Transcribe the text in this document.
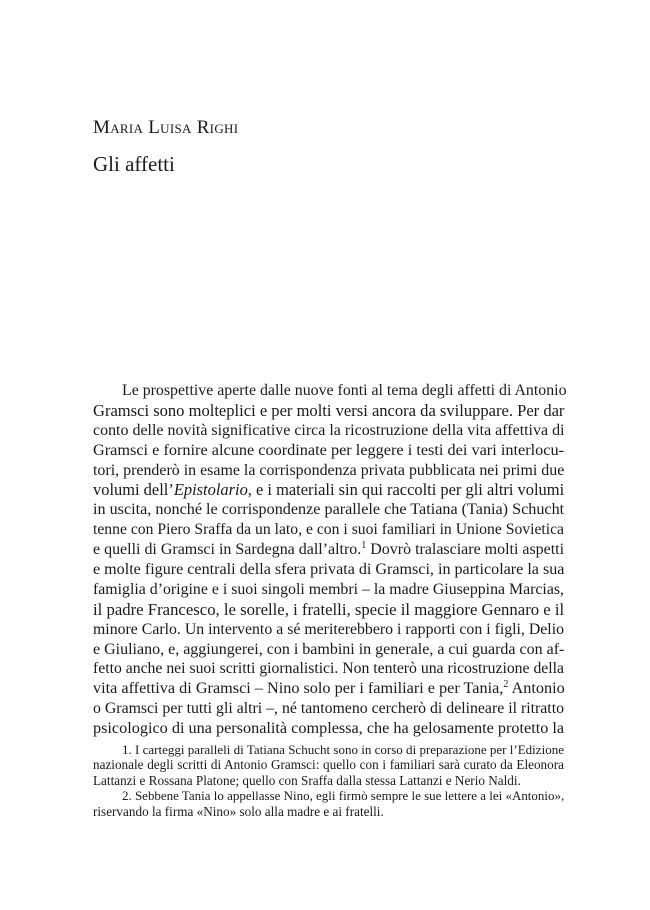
Maria Luisa Righi
Gli affetti
Le prospettive aperte dalle nuove fonti al tema degli affetti di Antonio
Gramsci sono molteplici e per molti versi ancora da sviluppare. Per dar
conto delle novità significative circa la ricostruzione della vita affettiva di
Gramsci e fornire alcune coordinate per leggere i testi dei vari interlocu-
tori, prenderò in esame la corrispondenza privata pubblicata nei primi due
volumi dell’Epistolario, e i materiali sin qui raccolti per gli altri volumi
in uscita, nonché le corrispondenze parallele che Tatiana (Tania) Schucht
tenne con Piero Sraffa da un lato, e con i suoi familiari in Unione Sovietica
e quelli di Gramsci in Sardegna dall’altro.$^1$ Dovrò tralasciare molti aspetti
e molte figure centrali della sfera privata di Gramsci, in particolare la sua
famiglia d’origine e i suoi singoli membri – la madre Giuseppina Marcias,
il padre Francesco, le sorelle, i fratelli, specie il maggiore Gennaro e il
minore Carlo. Un intervento a sé meriterebbero i rapporti con i figli, Delio
e Giuliano, e, aggiungerei, con i bambini in generale, a cui guarda con af-
fetto anche nei suoi scritti giornalistici. Non tenterò una ricostruzione della
vita affettiva di Gramsci – Nino solo per i familiari e per Tania,$^2$ Antonio
o Gramsci per tutti gli altri –, né tantomeno cercherò di delineare il ritratto
psicologico di una personalità complessa, che ha gelosamente protetto la
1. I carteggi paralleli di Tatiana Schucht sono in corso di preparazione per l’Edizione
nazionale degli scritti di Antonio Gramsci: quello con i familiari sarà curato da Eleonora
Lattanzi e Rossana Platone; quello con Sraffa dalla stessa Lattanzi e Nerio Naldi.
2. Sebbene Tania lo appellasse Nino, egli firmò sempre le sue lettere a lei «Antonio»,
riservando la firma «Nino» solo alla madre e ai fratelli.
